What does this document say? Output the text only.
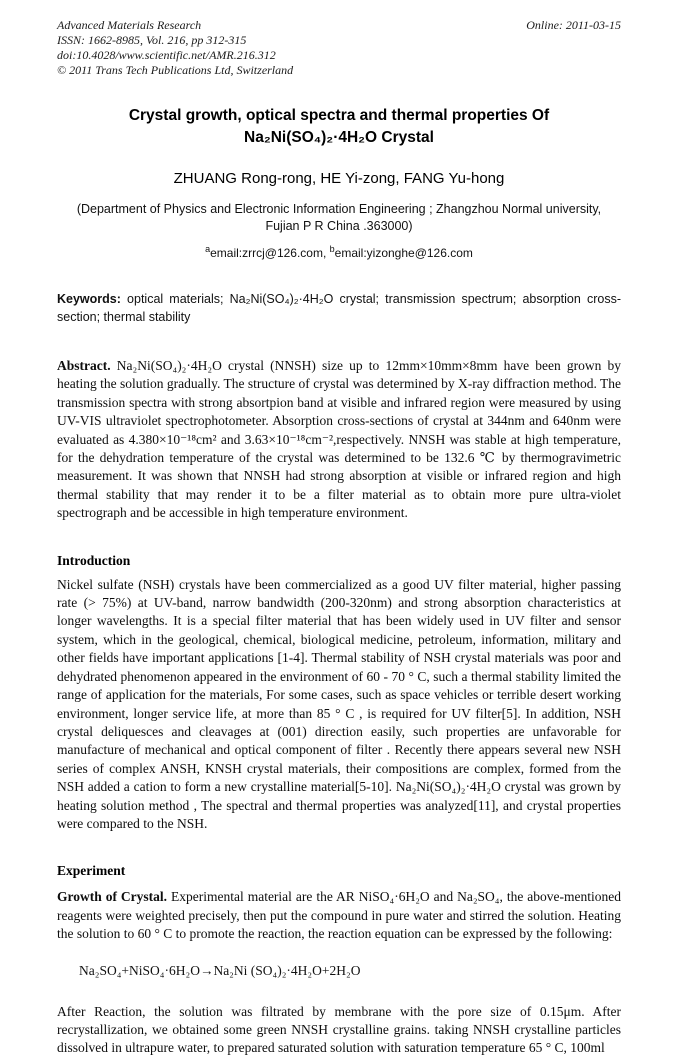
Advanced Materials Research
ISSN: 1662-8985, Vol. 216, pp 312-315
doi:10.4028/www.scientific.net/AMR.216.312
© 2011 Trans Tech Publications Ltd, Switzerland
Online: 2011-03-15
Crystal growth, optical spectra and thermal properties Of
Na₂Ni(SO₄)₂·4H₂O Crystal
ZHUANG Rong-rong, HE Yi-zong, FANG Yu-hong
(Department of Physics and Electronic Information Engineering ; Zhangzhou Normal university,
Fujian P R China .363000)
$^a$email:zrrcj@126.com, $^b$email:yizonghe@126.com

Keywords: optical materials; Na₂Ni(SO₄)₂·4H₂O crystal; transmission spectrum; absorption cross-section; thermal stability

Abstract. Na₂Ni(SO₄)₂·4H₂O crystal (NNSH) size up to 12mm×10mm×8mm have been grown by heating the solution gradually. The structure of crystal was determined by X-ray diffraction method. The transmission spectra with strong absortpion band at visible and infrared region were measured by using UV-VIS ultraviolet spectrophotometer. Absorption cross-sections of crystal at 344nm and 640nm were evaluated as 4.380×10⁻¹⁸cm² and 3.63×10⁻¹⁸cm⁻²,respectively. NNSH was stable at high temperature, for the dehydration temperature of the crystal was determined to be 132.6 ℃ by thermogravimetric measurement. It was shown that NNSH had strong absorption at visible or infrared region and high thermal stability that may render it to be a filter material as to obtain more pure ultra-violet spectrograph and be accessible in high temperature environment.

Introduction

Nickel sulfate (NSH) crystals have been commercialized as a good UV filter material, higher passing rate (> 75%) at UV-band, narrow bandwidth (200-320nm) and strong absorption characteristics at longer wavelengths. It is a special filter material that has been widely used in UV filter and sensor system, which in the geological, chemical, biological medicine, petroleum, information, military and other fields have important applications [1-4]. Thermal stability of NSH crystal materials was poor and dehydrated phenomenon appeared in the environment of 60 - 70 ° C, such a thermal stability limited the range of application for the materials, For some cases, such as space vehicles or terrible desert working environment, longer service life, at more than 85 ° C , is required for UV filter[5]. In addition, NSH crystal deliquesces and cleavages at (001) direction easily, such properties are unfavorable for manufacture of mechanical and optical component of filter . Recently there appears several new NSH series of complex ANSH, KNSH crystal materials, their compositions are complex, formed from the NSH added a cation to form a new crystalline material[5-10]. Na₂Ni(SO₄)₂·4H₂O crystal was grown by heating solution method , The spectral and thermal properties was analyzed[11], and crystal properties were compared to the NSH.

Experiment

Growth of Crystal. Experimental material are the AR NiSO₄·6H₂O and Na₂SO₄, the above-mentioned reagents were weighted precisely, then put the compound in pure water and stirred the solution. Heating the solution to 60 ° C to promote the reaction, the reaction equation can be expressed by the following:

Na₂SO₄+NiSO₄·6H₂O→Na₂Ni (SO₄)₂·4H₂O+2H₂O

After Reaction, the solution was filtrated by membrane with the pore size of 0.15μm. After recrystallization, we obtained some green NNSH crystalline grains. taking NNSH crystalline particles dissolved in ultrapure water, to prepared saturated solution with saturation temperature 65 ° C, 100ml
